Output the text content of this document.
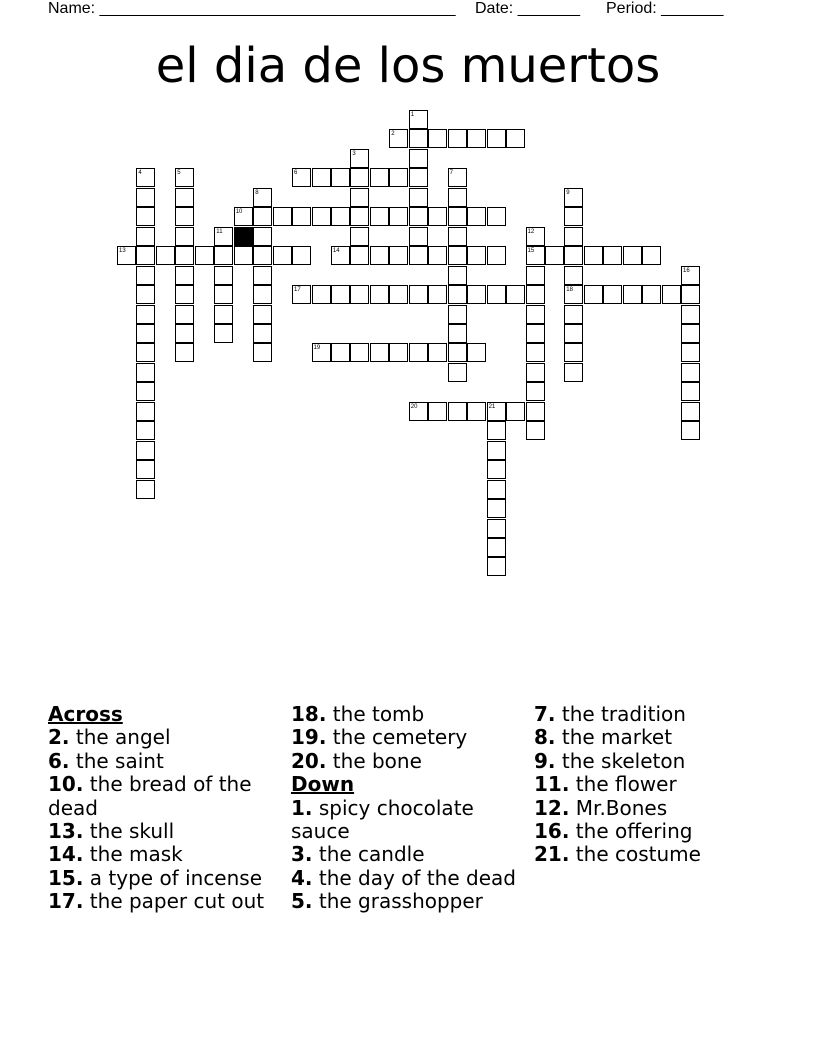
Name: ________________________________________ Date: _______ Period: _______
el dia de los muertos
1
2
3
4	5	6	7
8	9
10
11	12
13	14	15
16
17	18
19
20	21
Across
2. the angel
6. the saint
10. the bread of the dead
13. the skull
14. the mask
15. a type of incense
17. the paper cut out
18. the tomb
19. the cemetery
20. the bone
Down
1. spicy chocolate sauce
3. the candle
4. the day of the dead
5. the grasshopper
7. the tradition
8. the market
9. the skeleton
11. the flower
12. Mr.Bones
16. the offering
21. the costume
